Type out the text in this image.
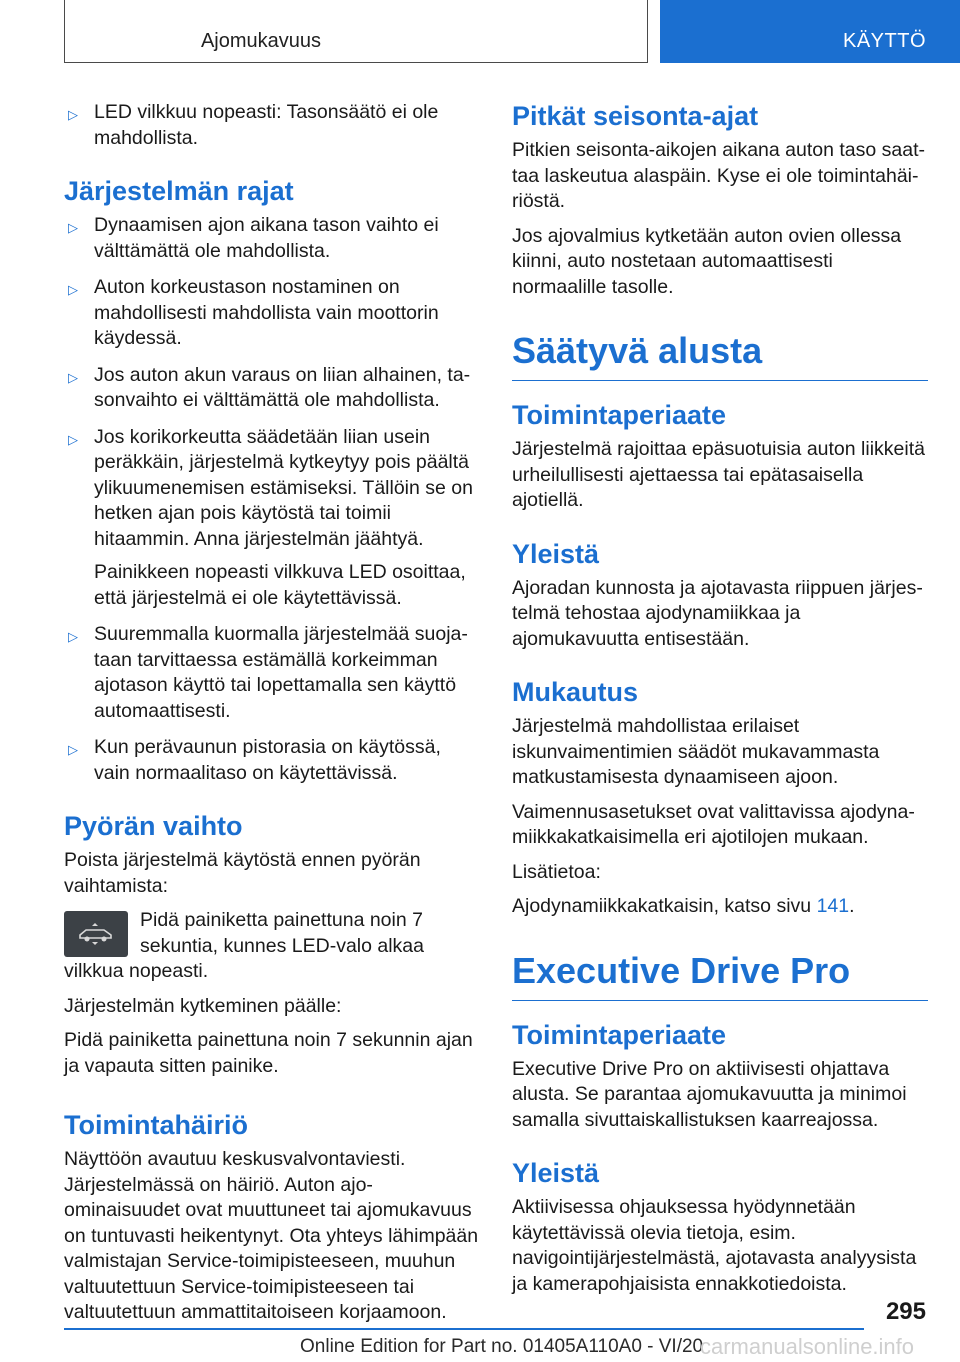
Ajomukavuus	KÄYTTÖ
▷ LED vilkkuu nopeasti: Tasonsäätö ei ole mahdollista.

Järjestelmän rajat
▷ Dynaamisen ajon aikana tason vaihto ei välttämättä ole mahdollista.

▷ Auton korkeustason nostaminen on mahdollisesti mahdollista vain moottorin käydessä.

▷ Jos auton akun varaus on liian alhainen, tasonvaihto ei välttämättä ole mahdollista.

▷ Jos korikorkeutta säädetään liian usein peräkkäin, järjestelmä kytkeytyy pois päältä ylikuumenemisen estämiseksi. Tällöin se on hetken ajan pois käytöstä tai toimii hitaammin. Anna järjestelmän jäähtyä.

Painikkeen nopeasti vilkkuva LED osoittaa, että järjestelmä ei ole käytettävissä.

▷ Suuremmalla kuormalla järjestelmää suojataan tarvittaessa estämällä korkeimman ajotason käyttö tai lopettamalla sen käyttö automaattisesti.

▷ Kun perävaunun pistorasia on käytössä, vain normaalitaso on käytettävissä.

Pyörän vaihto

Poista järjestelmä käytöstä ennen pyörän vaihtamista:

Pidä painiketta painettuna noin 7 sekuntia, kunnes LED-valo alkaa vilkkua nopeasti.

Järjestelmän kytkeminen päälle:

Pidä painiketta painettuna noin 7 sekunnin ajan ja vapauta sitten painike.

Toimintahäiriö

Näyttöön avautuu keskusvalvontaviesti. Järjestelmässä on häiriö. Auton ajo-ominaisuudet ovat muuttuneet tai ajomukavuus on tuntuvasti heikentynyt. Ota yhteys lähimpään valmistajan Service-toimipisteeseen, muuhun valtuutettuun Service-toimipisteeseen tai valtuutettuun ammattitaitoiseen korjaamoon.

Pitkät seisonta-ajat

Pitkien seisonta-aikojen aikana auton taso saattaa laskeutua alaspäin. Kyse ei ole toimintahäiriöstä.

Jos ajovalmius kytketään auton ovien ollessa kiinni, auto nostetaan automaattisesti normaalille tasolle.

Säätyvä alusta
Toimintaperiaate

Järjestelmä rajoittaa epäsuotuisia auton liikkeitä urheilullisesti ajettaessa tai epätasaisella ajotiellä.

Yleistä

Ajoradan kunnosta ja ajotavasta riippuen järjestelmä tehostaa ajodynamiikkaa ja ajomukavuutta entisestään.

Mukautus

Järjestelmä mahdollistaa erilaiset iskunvaimentimien säädöt mukavammasta matkustamisesta dynaamiseen ajoon.

Vaimennusasetukset ovat valittavissa ajodynamiikkakatkaisimella eri ajotilojen mukaan.

Lisätietoa:

Ajodynamiikkakatkaisin, katso sivu 141.

Executive Drive Pro
Toimintaperiaate

Executive Drive Pro on aktiivisesti ohjattava alusta. Se parantaa ajomukavuutta ja minimoi samalla sivuttaiskallistuksen kaarreajossa.

Yleistä

Aktiivisessa ohjauksessa hyödynnetään käytettävissä olevia tietoja, esim. navigointijärjestelmästä, ajotavasta analyysista ja kamerapohjaisista ennakkotiedoista.

295
Online Edition for Part no. 01405A110A0 - VI/20
carmanualsonline.info
